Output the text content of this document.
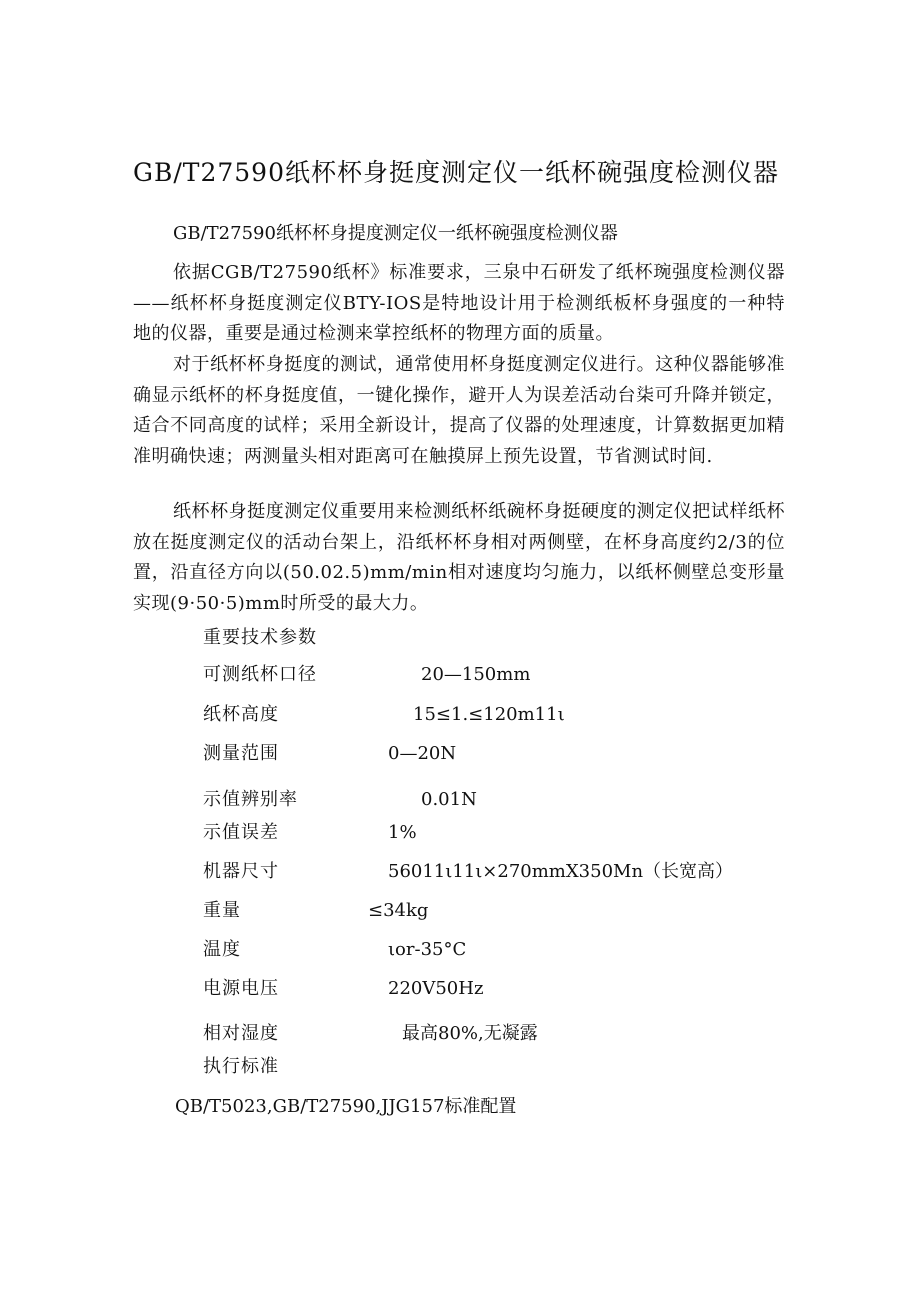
GB/T27590纸杯杯身挺度测定仪一纸杯碗强度检测仪器
GB/T27590纸杯杯身提度测定仪一纸杯碗强度检测仪器
依据CGB/T27590纸杯》标准要求，三泉中石研发了纸杯琬强度检测仪器——纸杯杯身挺度测定仪BTY-IOS是特地设计用于检测纸板杯身强度的一种特地的仪器，重要是通过检测来掌控纸杯的物理方面的质量。
对于纸杯杯身挺度的测试，通常使用杯身挺度测定仪进行。这种仪器能够准确显示纸杯的杯身挺度值，一键化操作，避开人为误差活动台柒可升降并锁定，适合不同高度的试样；采用全新设计，提高了仪器的处理速度，计算数据更加精准明确快速；两测量头相对距离可在触摸屏上预先设置，节省测试时间.
纸杯杯身挺度测定仪重要用来检测纸杯纸碗杯身挺硬度的测定仪把试样纸杯放在挺度测定仪的活动台架上，沿纸杯杯身相对两侧壁，在杯身高度约2/3的位置，沿直径方向以(50.02.5)mm/min相对速度均匀施力，以纸杯侧壁总变形量实现(9·50·5)mm时所受的最大力。
重要技术参数
可测纸杯口径	20—150mm
纸杯高度	15≤1.≤120m11ι
测量范围	0—20N
示值辨别率	0.01N
示值误差	1%
机器尺寸	56011ι11ι×270mmX350Mn（长宽高）
重量	≤34kg
温度	ιor-35°C
电源电压	220V50Hz
相对湿度	最高80%,无凝露
执行标准
QB/T5023,GB/T27590,JJG157标准配置
